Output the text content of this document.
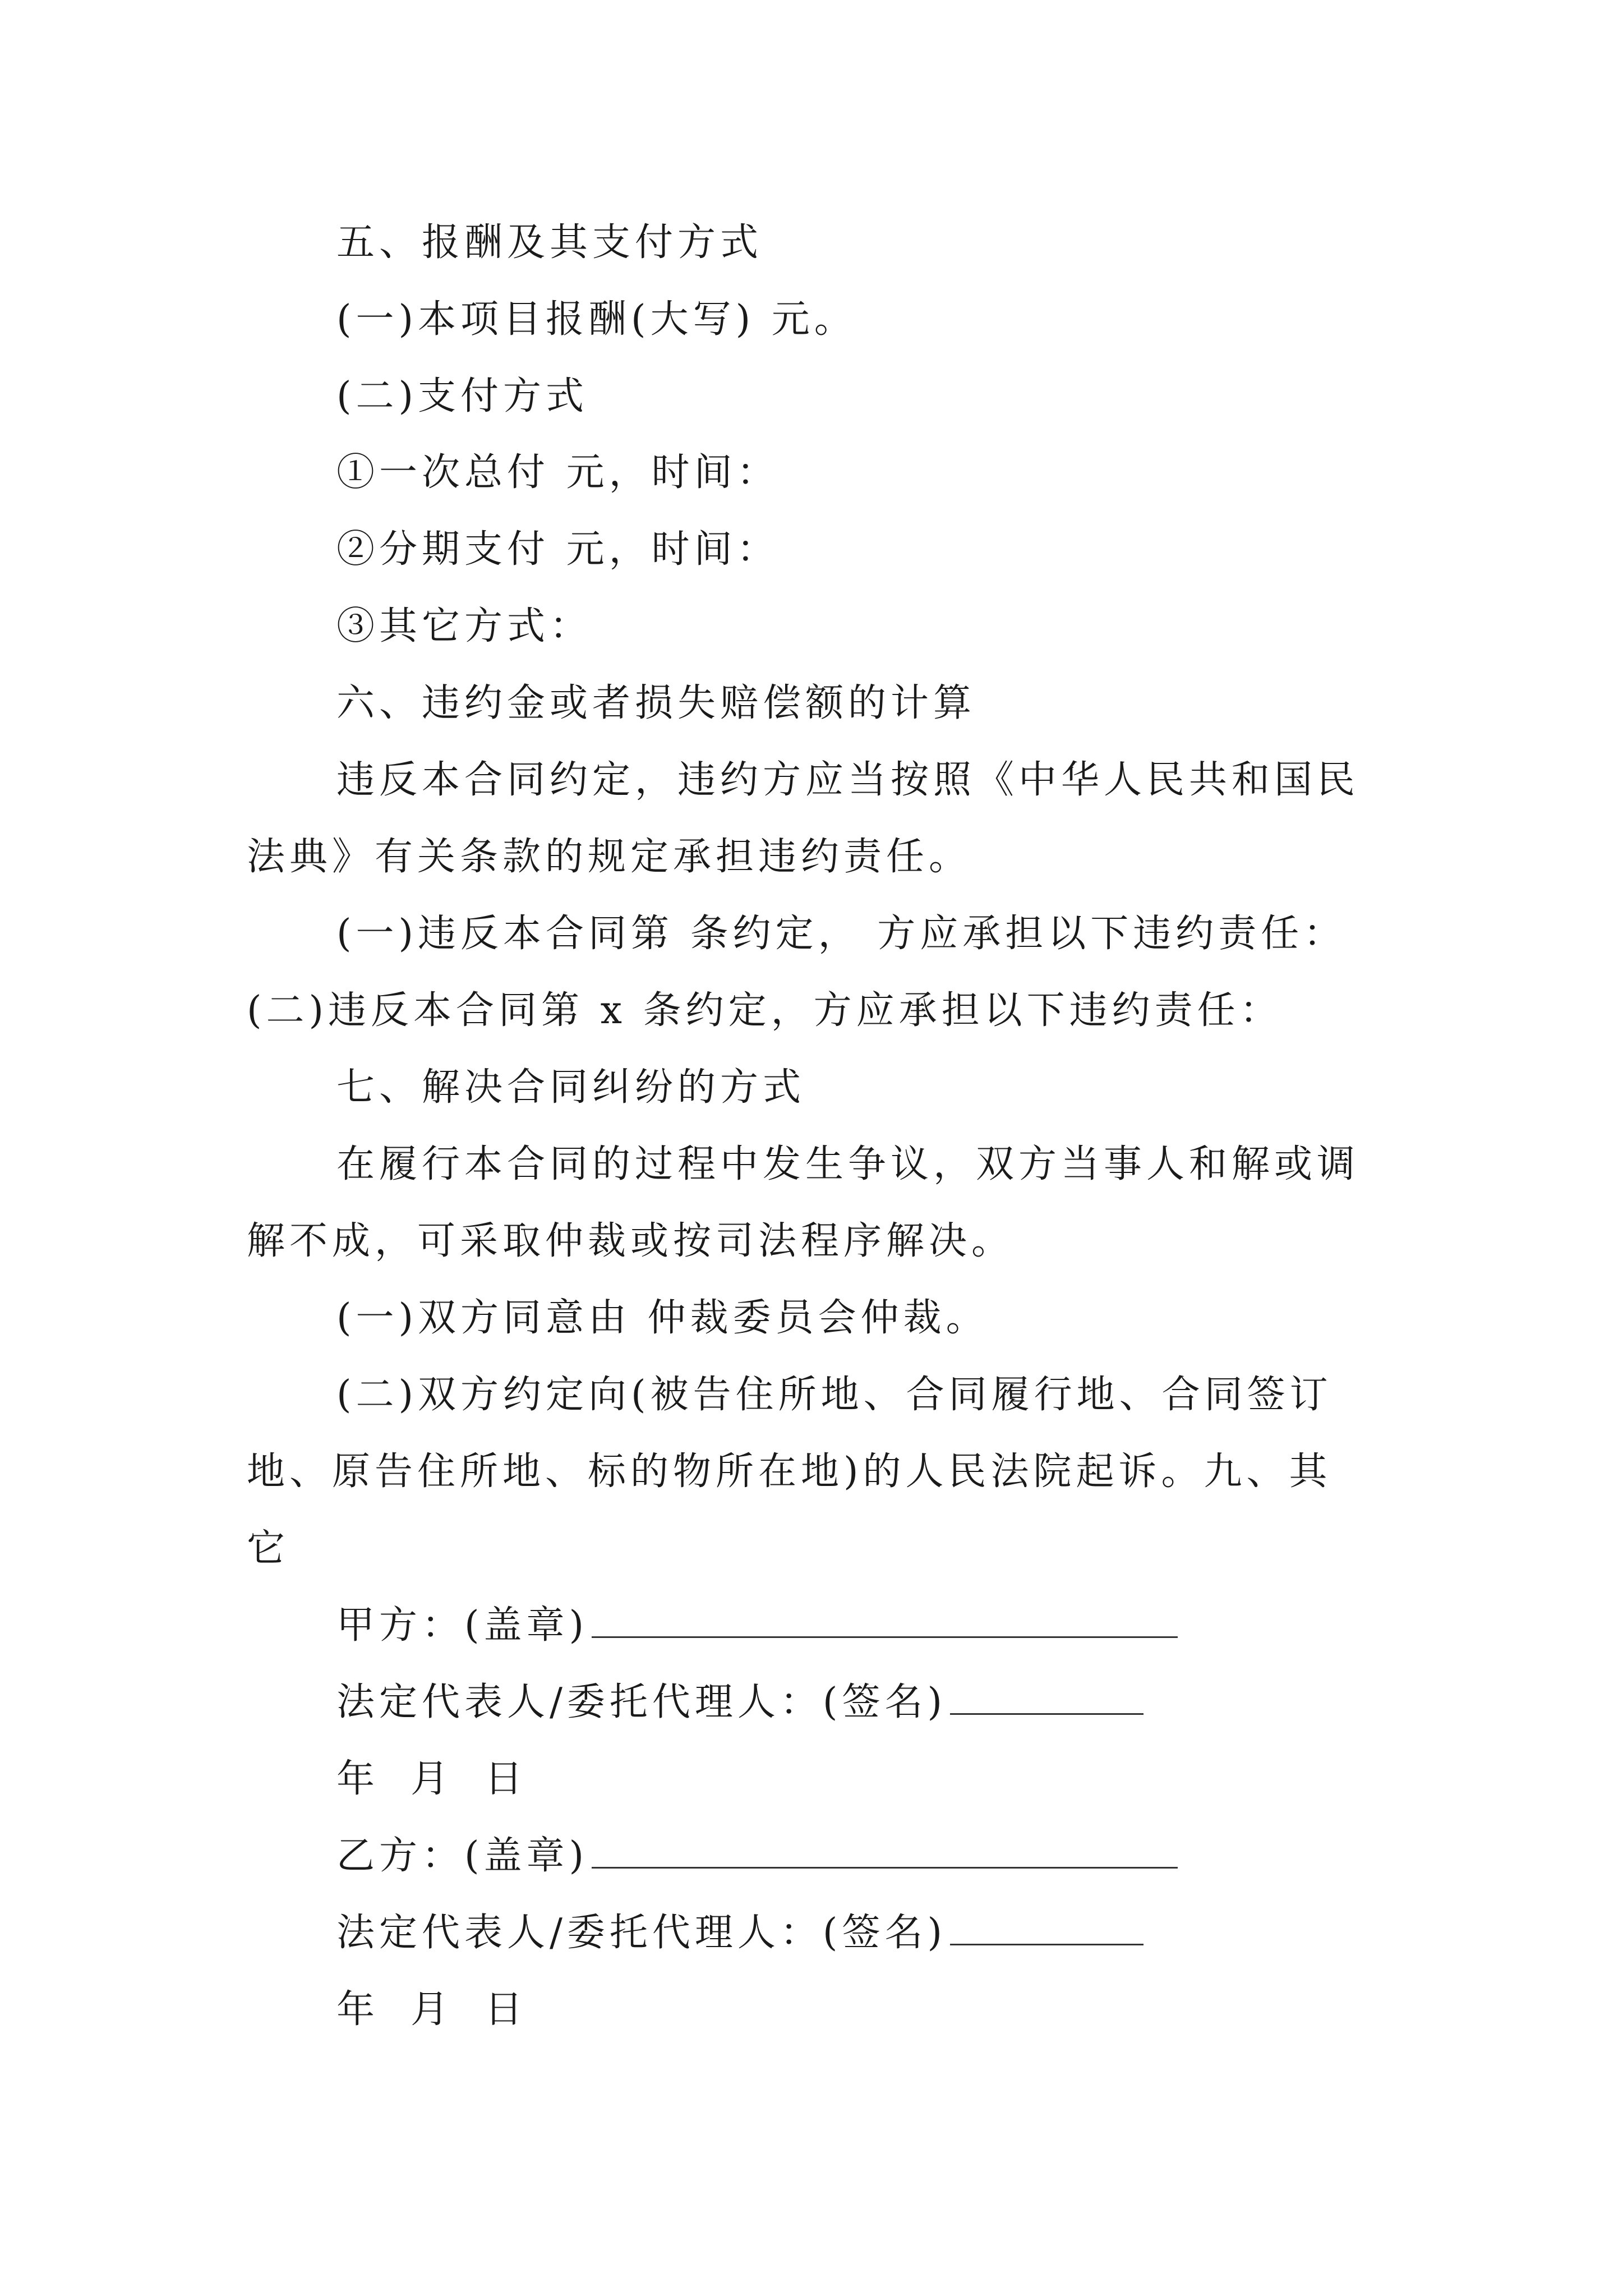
五、报酬及其支付方式
(一)本项目报酬(大写) 元。
(二)支付方式
①一次总付 元，时间：
②分期支付 元，时间：
③其它方式：
六、违约金或者损失赔偿额的计算
违反本合同约定，违约方应当按照《中华人民共和国民
法典》有关条款的规定承担违约责任。
(一)违反本合同第 条约定， 方应承担以下违约责任：
(二)违反本合同第 x 条约定，方应承担以下违约责任：
七、解决合同纠纷的方式
在履行本合同的过程中发生争议，双方当事人和解或调
解不成，可采取仲裁或按司法程序解决。
(一)双方同意由 仲裁委员会仲裁。
(二)双方约定向(被告住所地、合同履行地、合同签订
地、原告住所地、标的物所在地)的人民法院起诉。九、其
它
甲方：(盖章)
法定代表人/委托代理人：(签名)
年 月 日
乙方：(盖章)
法定代表人/委托代理人：(签名)
年 月 日
